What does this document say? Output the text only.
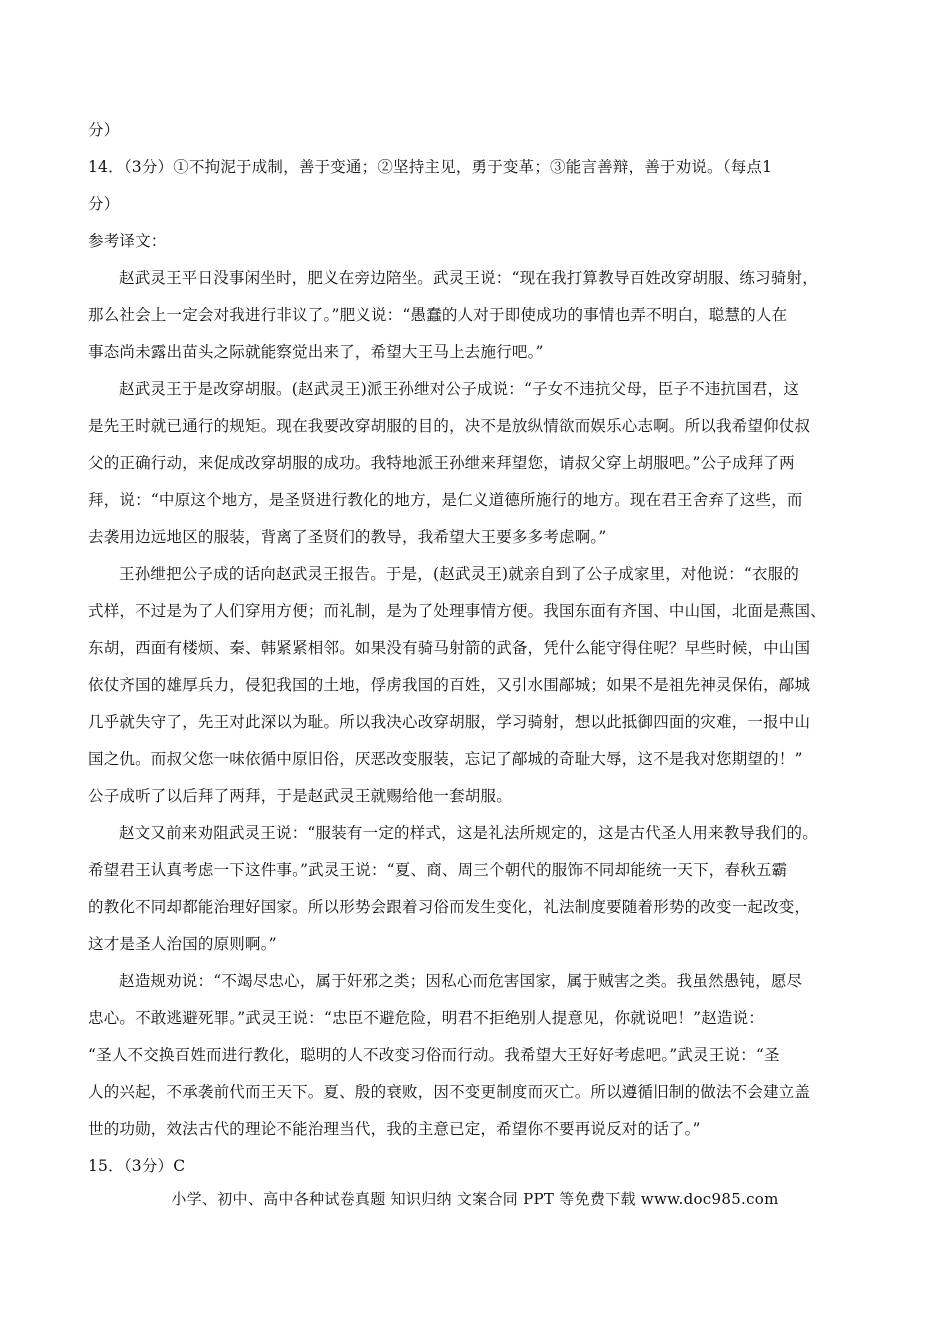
分）
14．（3分）①不拘泥于成制，善于变通；②坚持主见，勇于变革；③能言善辩，善于劝说。（每点1
分）
参考译文：
赵武灵王平日没事闲坐时，肥义在旁边陪坐。武灵王说：“现在我打算教导百姓改穿胡服、练习骑射，
那么社会上一定会对我进行非议了。”肥义说：“愚蠢的人对于即使成功的事情也弄不明白，聪慧的人在
事态尚未露出苗头之际就能察觉出来了，希望大王马上去施行吧。”
赵武灵王于是改穿胡服。(赵武灵王)派王孙绁对公子成说：“子女不违抗父母，臣子不违抗国君，这
是先王时就已通行的规矩。现在我要改穿胡服的目的，决不是放纵情欲而娱乐心志啊。所以我希望仰仗叔
父的正确行动，来促成改穿胡服的成功。我特地派王孙绁来拜望您，请叔父穿上胡服吧。”公子成拜了两
拜，说：“中原这个地方，是圣贤进行教化的地方，是仁义道德所施行的地方。现在君王舍弃了这些，而
去袭用边远地区的服装，背离了圣贤们的教导，我希望大王要多多考虑啊。”
王孙绁把公子成的话向赵武灵王报告。于是，(赵武灵王)就亲自到了公子成家里，对他说：“衣服的
式样，不过是为了人们穿用方便；而礼制，是为了处理事情方便。我国东面有齐国、中山国，北面是燕国、
东胡，西面有楼烦、秦、韩紧紧相邻。如果没有骑马射箭的武备，凭什么能守得住呢？早些时候，中山国
依仗齐国的雄厚兵力，侵犯我国的土地，俘虏我国的百姓，又引水围鄗城；如果不是祖先神灵保佑，鄗城
几乎就失守了，先王对此深以为耻。所以我决心改穿胡服，学习骑射，想以此抵御四面的灾难，一报中山
国之仇。而叔父您一味依循中原旧俗，厌恶改变服装，忘记了鄗城的奇耻大辱，这不是我对您期望的！”
公子成听了以后拜了两拜，于是赵武灵王就赐给他一套胡服。
赵文又前来劝阻武灵王说：“服装有一定的样式，这是礼法所规定的，这是古代圣人用来教导我们的。
希望君王认真考虑一下这件事。”武灵王说：“夏、商、周三个朝代的服饰不同却能统一天下，春秋五霸
的教化不同却都能治理好国家。所以形势会跟着习俗而发生变化，礼法制度要随着形势的改变一起改变，
这才是圣人治国的原则啊。”
赵造规劝说：“不竭尽忠心，属于奸邪之类；因私心而危害国家，属于贼害之类。我虽然愚钝，愿尽
忠心。不敢逃避死罪。”武灵王说：“忠臣不避危险，明君不拒绝别人提意见，你就说吧！”赵造说：
“圣人不交换百姓而进行教化，聪明的人不改变习俗而行动。我希望大王好好考虑吧。”武灵王说：“圣
人的兴起，不承袭前代而王天下。夏、殷的衰败，因不变更制度而灭亡。所以遵循旧制的做法不会建立盖
世的功勋，效法古代的理论不能治理当代，我的主意已定，希望你不要再说反对的话了。”
15．（3分）C
小学、初中、高中各种试卷真题 知识归纳 文案合同 PPT 等免费下载 www.doc985.com
